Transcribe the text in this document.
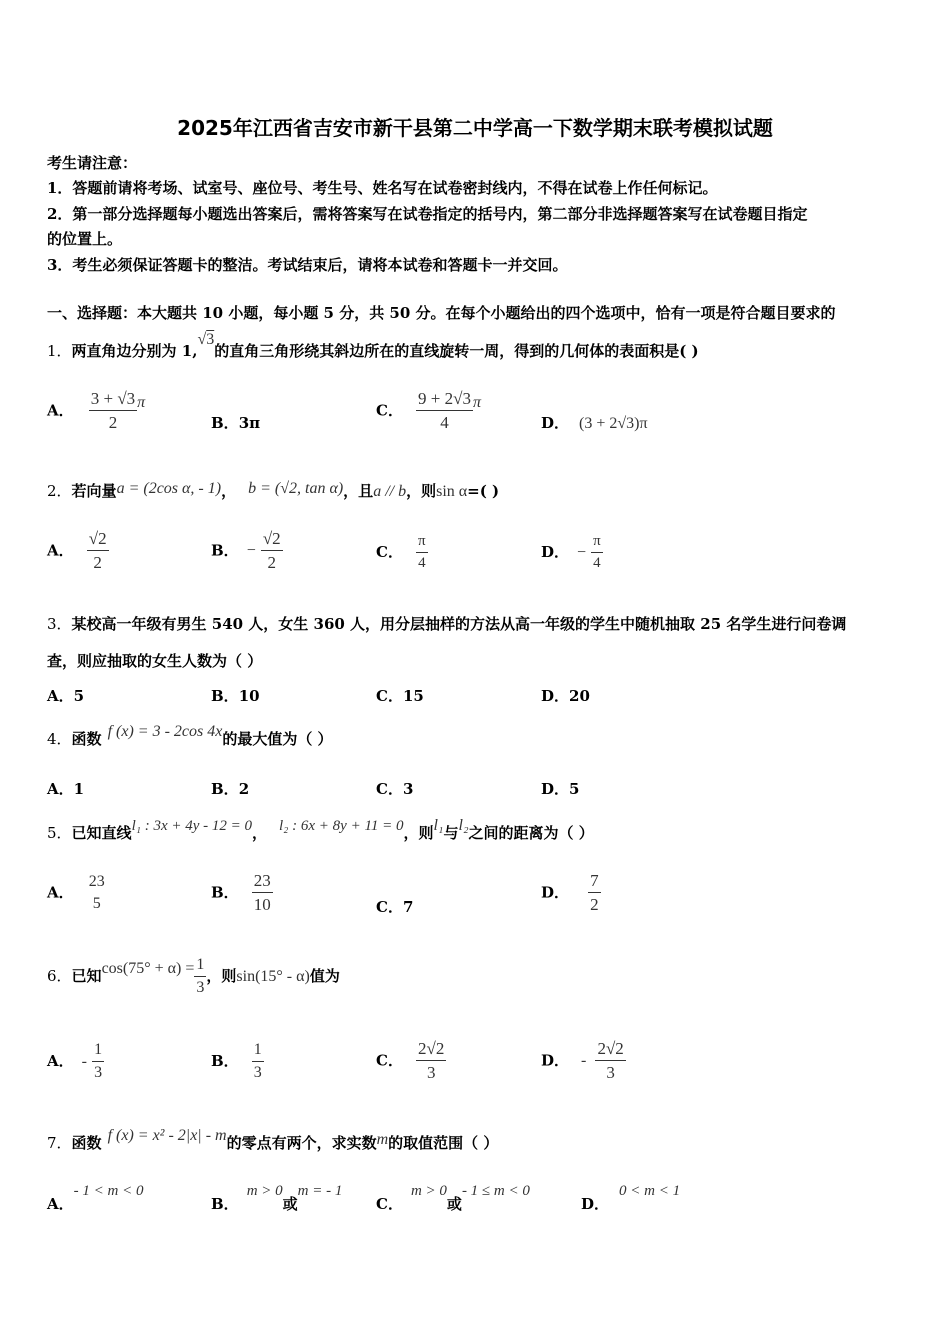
2025年江西省吉安市新干县第二中学高一下数学期末联考模拟试题
考生请注意：
1．答题前请将考场、试室号、座位号、考生号、姓名写在试卷密封线内，不得在试卷上作任何标记。
2．第一部分选择题每小题选出答案后，需将答案写在试卷指定的括号内，第二部分非选择题答案写在试卷题目指定
的位置上。
3．考生必须保证答题卡的整洁。考试结束后，请将本试卷和答题卡一并交回。
一、选择题：本大题共 10 小题，每小题 5 分，共 50 分。在每个小题给出的四个选项中，恰有一项是符合题目要求的
1．两直角边分别为 1,√3的直角三角形绕其斜边所在的直线旋转一周，得到的几何体的表面积是( )
A． $\frac{3 + √3}{2}$ π
B．3π
C． $\frac{9 + 2√3}{4}$ π
D． (3 + 2√3)π
2．若向量a = (2cos α, - 1)， b = (√2, tan α)，且a // b，则sin α=( )
A． $\frac{√2}{2}$	B． − $\frac{√2}{2}$	C． $\frac{\pi}{4}$	D． − $\frac{\pi}{4}$
3．某校高一年级有男生 540 人，女生 360 人，用分层抽样的方法从高一年级的学生中随机抽取 25 名学生进行问卷调
查，则应抽取的女生人数为（ ）
A．5	B．10	C．15	D．20
4．函数 f (x) = 3 - 2cos 4x的最大值为（ ）
A．1	B．2	C．3	D．5
5．已知直线l₁ : 3x + 4y - 12 = 0， l₂ : 6x + 8y + 11 = 0，则l₁与l₂之间的距离为（ ）
A．
23
5
B． $\frac{23}{10}$	C．7
D． $\frac{7}{2}$
6．已知$\cos(75^\circ + \alpha) = \frac{1}{3}$ ，则sin(15° - α)值为
A． - $\frac{1}{3}$	B． $\frac{1}{3}$	C． $\frac{2√2}{3}$	D． - $\frac{2√2}{3}$
7．函数 f (x) = x² - 2|x| - m的零点有两个，求实数m的取值范围（ ）
A．- 1 < m < 0
B．m > 0或m = - 1
C．m > 0或- 1 ≤ m < 0
D．0 < m < 1
